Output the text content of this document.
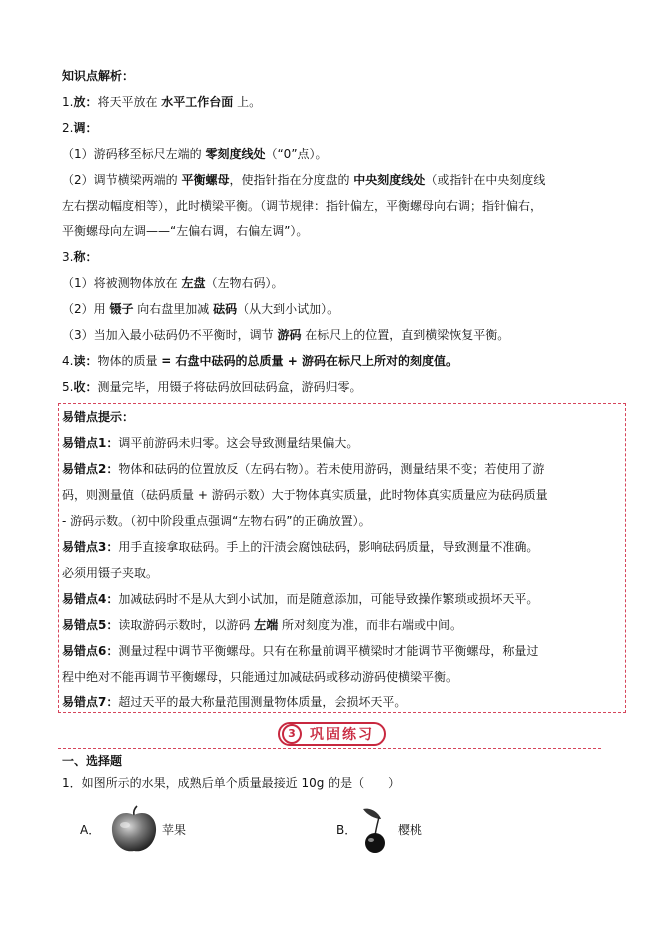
知识点解析：
1.放：将天平放在 水平工作台面 上。
2.调：
（1）游码移至标尺左端的 零刻度线处（“0”点）。
（2）调节横梁两端的 平衡螺母，使指针指在分度盘的 中央刻度线处（或指针在中央刻度线
左右摆动幅度相等），此时横梁平衡。（调节规律：指针偏左，平衡螺母向右调；指针偏右，
平衡螺母向左调——“左偏右调，右偏左调”）。
3.称：
（1）将被测物体放在 左盘（左物右码）。
（2）用 镊子 向右盘里加减 砝码（从大到小试加）。
（3）当加入最小砝码仍不平衡时，调节 游码 在标尺上的位置，直到横梁恢复平衡。
4.读：物体的质量 = 右盘中砝码的总质量 + 游码在标尺上所对的刻度值。
5.收：测量完毕，用镊子将砝码放回砝码盒，游码归零。
易错点提示：
易错点1：调平前游码未归零。这会导致测量结果偏大。
易错点2：物体和砝码的位置放反（左码右物）。若未使用游码，测量结果不变；若使用了游
码，则测量值（砝码质量 + 游码示数）大于物体真实质量，此时物体真实质量应为砝码质量
- 游码示数。（初中阶段重点强调“左物右码”的正确放置）。
易错点3：用手直接拿取砝码。手上的汗渍会腐蚀砝码，影响砝码质量，导致测量不准确。
必须用镊子夹取。
易错点4：加减砝码时不是从大到小试加，而是随意添加，可能导致操作繁琐或损坏天平。
易错点5：读取游码示数时，以游码 左端 所对刻度为准，而非右端或中间。
易错点6：测量过程中调节平衡螺母。只有在称量前调平横梁时才能调节平衡螺母，称量过
程中绝对不能再调节平衡螺母，只能通过加减砝码或移动游码使横梁平衡。
易错点7：超过天平的最大称量范围测量物体质量，会损坏天平。
3	巩固练习
一、选择题
1．如图所示的水果，成熟后单个质量最接近 10g 的是（　　）
A．	苹果	B．	樱桃
